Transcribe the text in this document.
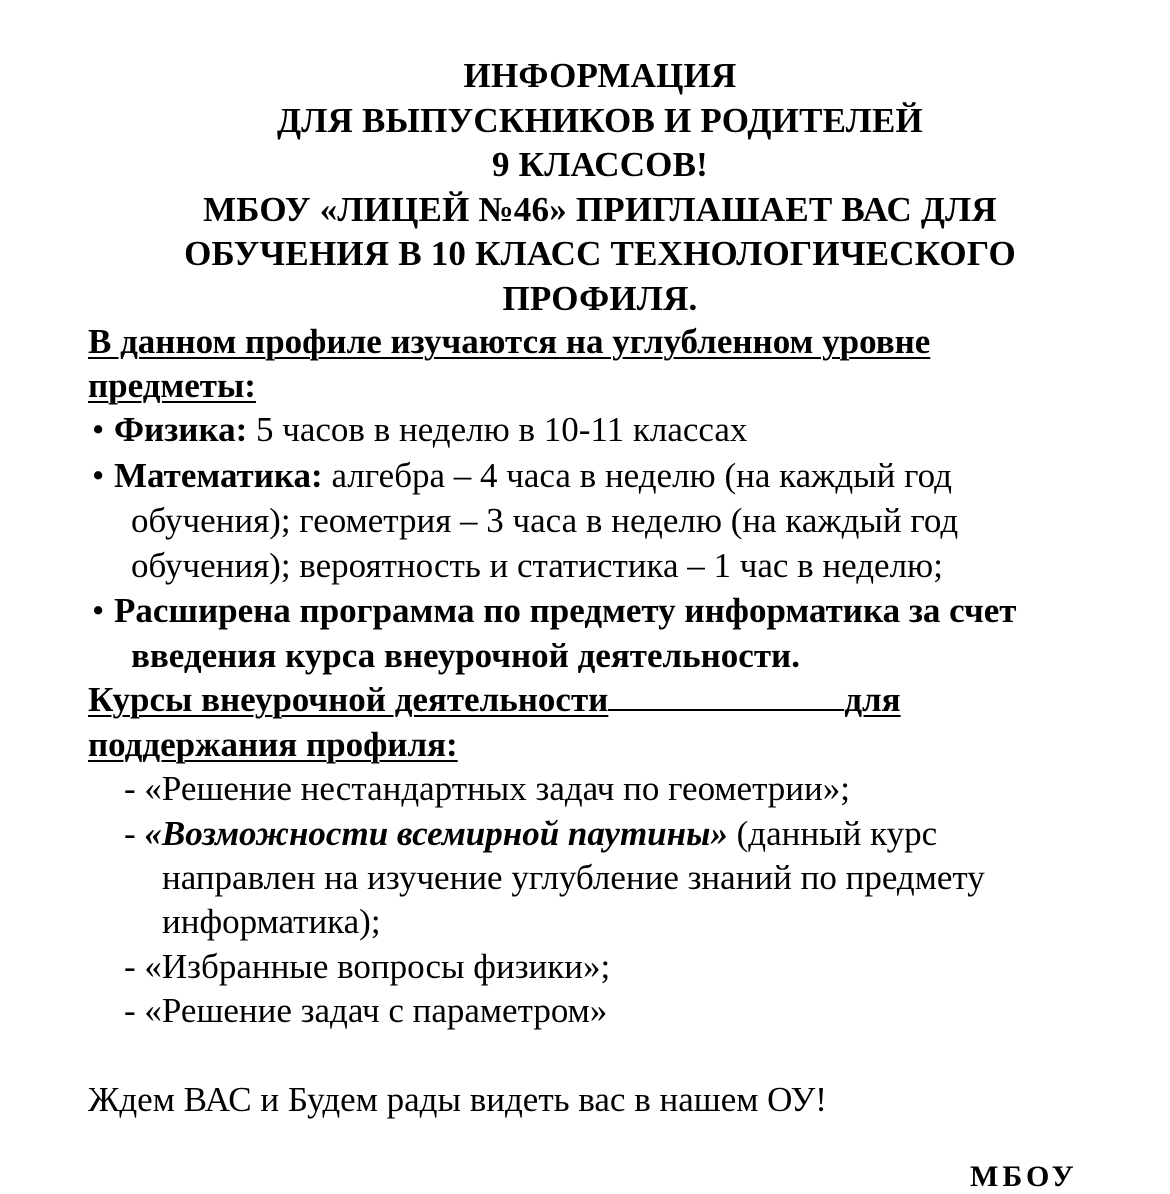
ИНФОРМАЦИЯ
ДЛЯ ВЫПУСКНИКОВ И РОДИТЕЛЕЙ
9 КЛАССОВ!
МБОУ «ЛИЦЕЙ №46» ПРИГЛАШАЕТ ВАС ДЛЯ
ОБУЧЕНИЯ В 10 КЛАСС ТЕХНОЛОГИЧЕСКОГО
ПРОФИЛЯ.
В данном профиле изучаются на углубленном уровне
предметы:
• Физика: 5 часов в неделю в 10-11 классах
• Математика: алгебра – 4 часа в неделю (на каждый год
обучения); геометрия – 3 часа в неделю (на каждый год
обучения); вероятность и статистика – 1 час в неделю;
• Расширена программа по предмету информатика за счет
введения курса внеурочной деятельности.
Курсы внеурочной деятельности	для
поддержания профиля:
- «Решение нестандартных задач по геометрии»;
- «Возможности всемирной паутины» (данный курс
направлен на изучение углубление знаний по предмету
информатика);
- «Избранные вопросы физики»;
- «Решение задач с параметром»
Ждем ВАС и Будем рады видеть вас в нашем ОУ!
МБОУ
